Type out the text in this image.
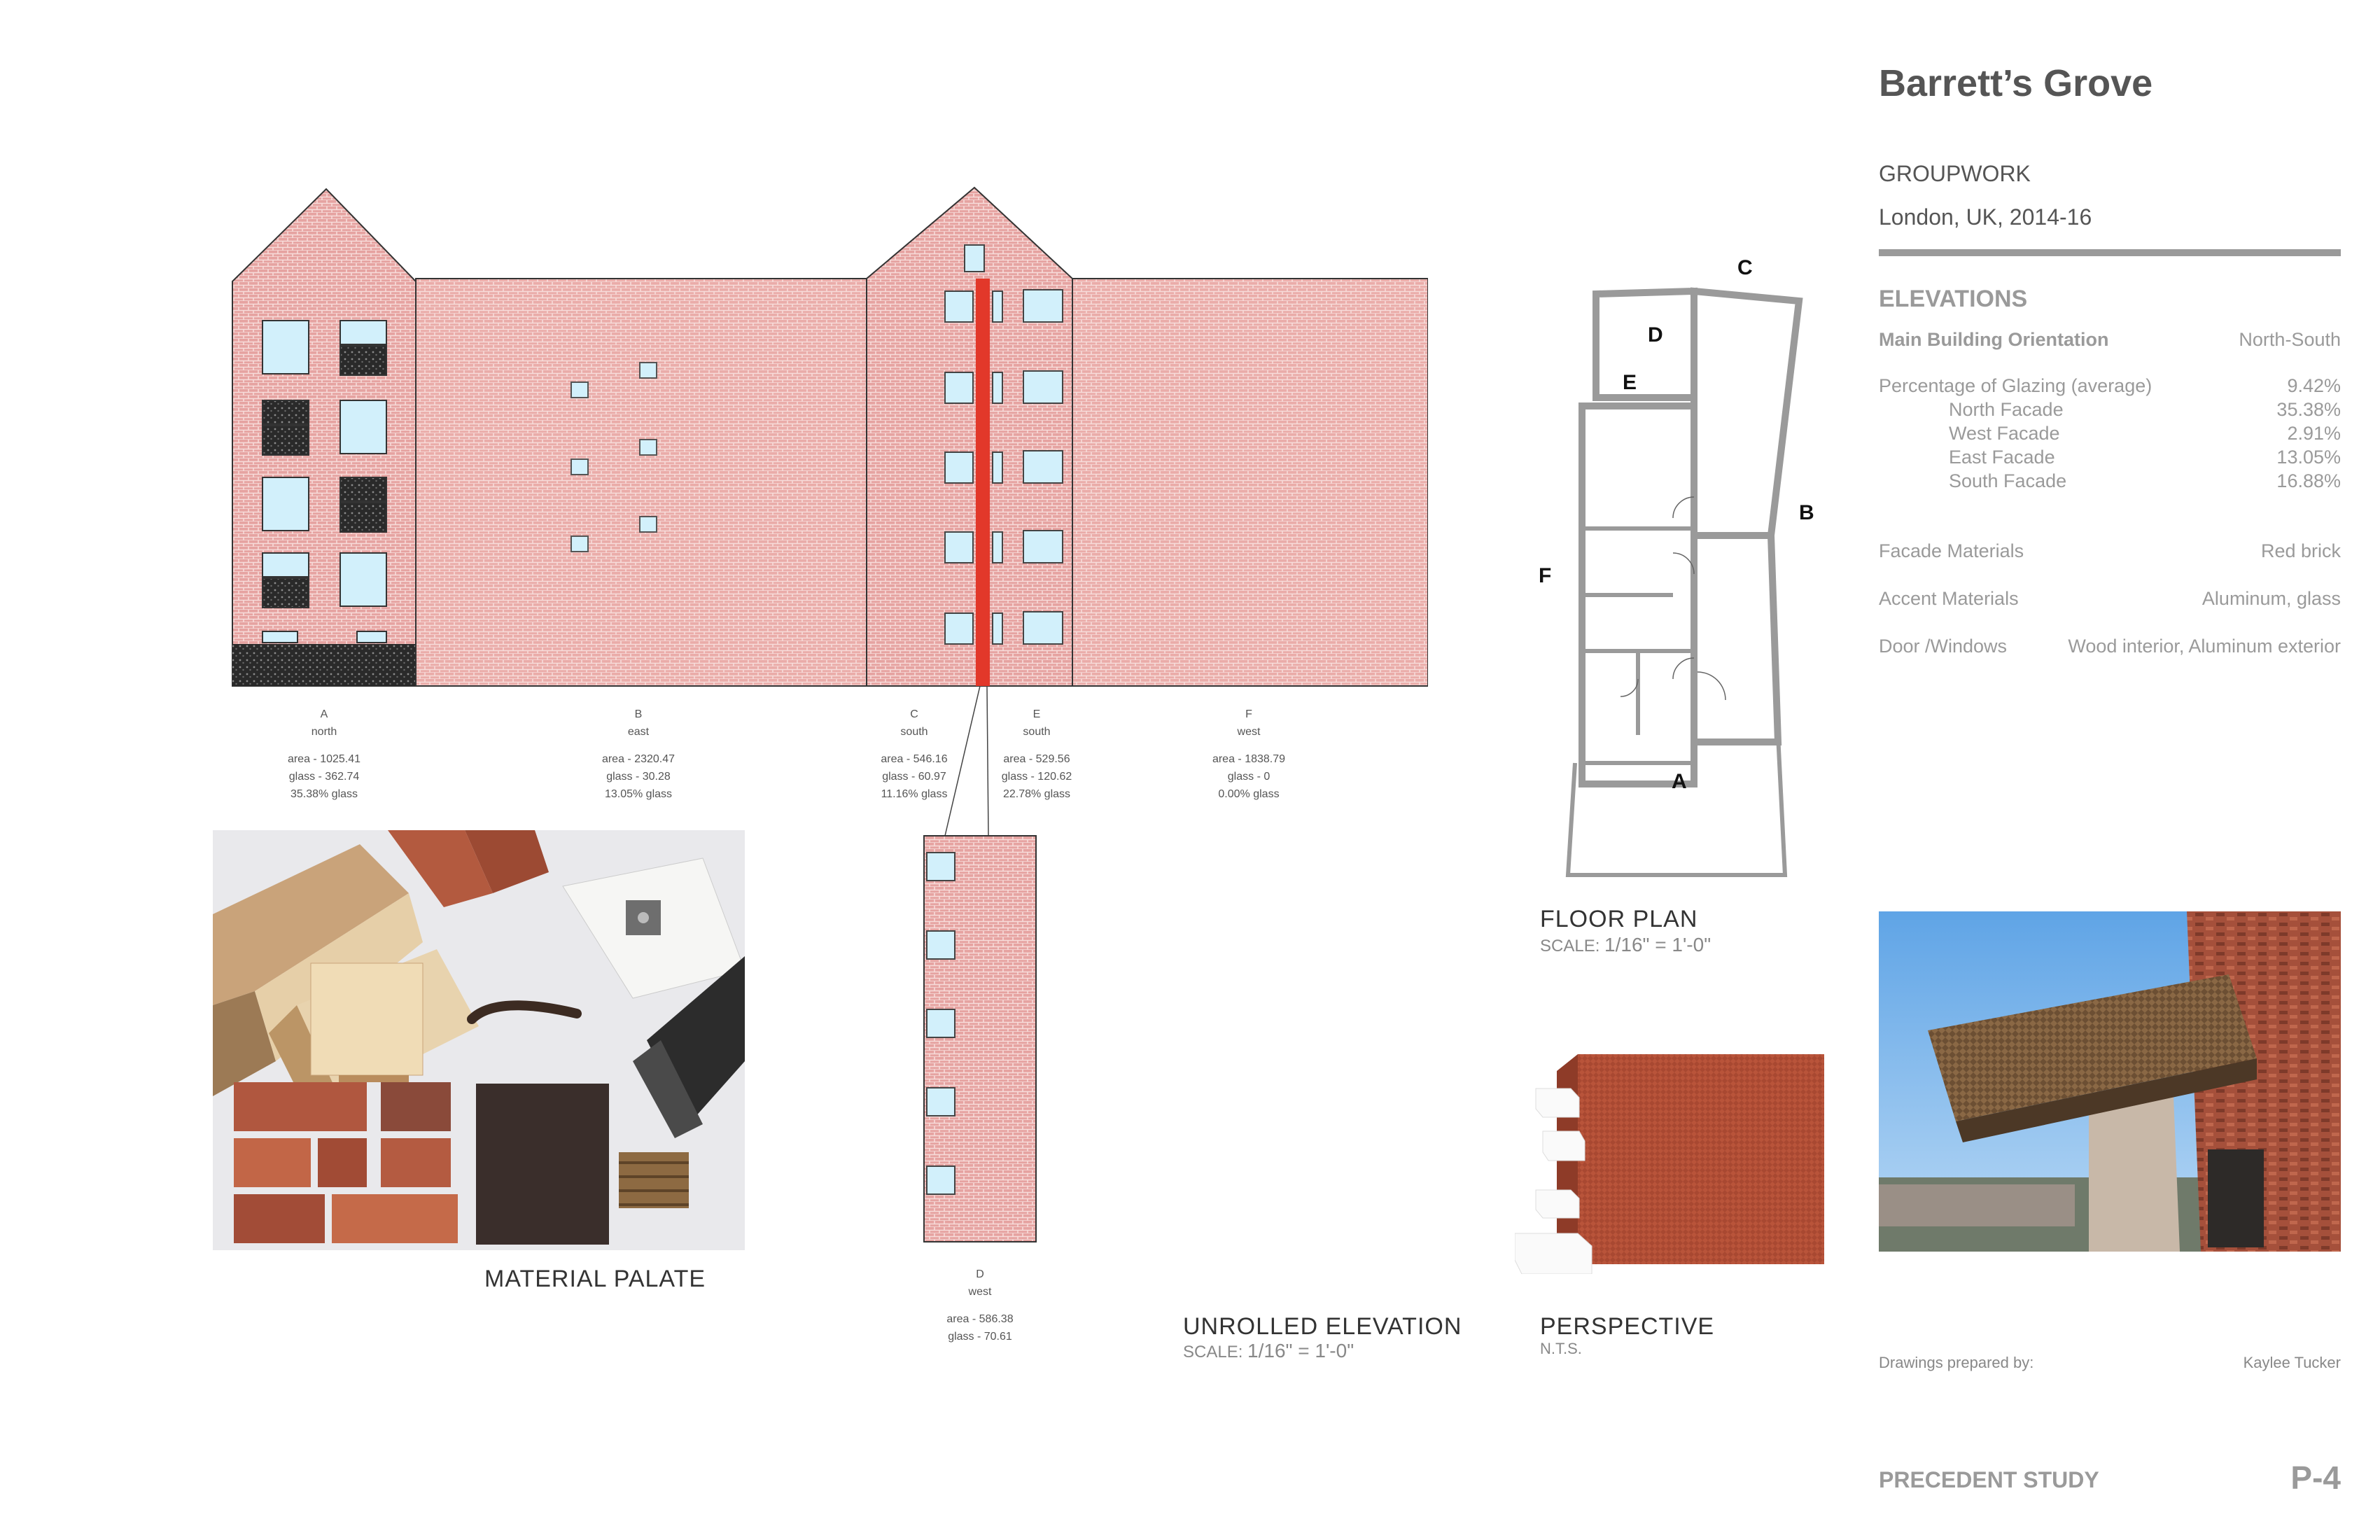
A
north
area - 1025.41
glass - 362.74
35.38% glass
B
east
area - 2320.47
glass - 30.28
13.05% glass
C
south
area - 546.16
glass - 60.97
11.16% glass
E
south
area - 529.56
glass - 120.62
22.78% glass
F
west
area - 1838.79
glass - 0
0.00% glass
D
west
area - 586.38
glass - 70.61
MATERIAL PALATE
C
D
E
B
F
A
FLOOR PLAN
SCALE: 1/16" = 1'-0"
UNROLLED ELEVATION
SCALE: 1/16" = 1'-0"
PERSPECTIVE
N.T.S.
Barrett’s Grove
GROUPWORK
London, UK, 2014-16
ELEVATIONS
Main Building Orientation	North-South
Percentage of Glazing (average)	9.42%
North Facade	35.38%
West Facade	2.91%
East Facade	13.05%
South Facade	16.88%
Facade Materials	Red brick
Accent Materials	Aluminum, glass
Door /Windows	Wood interior, Aluminum exterior
Drawings prepared by:	Kaylee Tucker
PRECEDENT STUDY	P-4
